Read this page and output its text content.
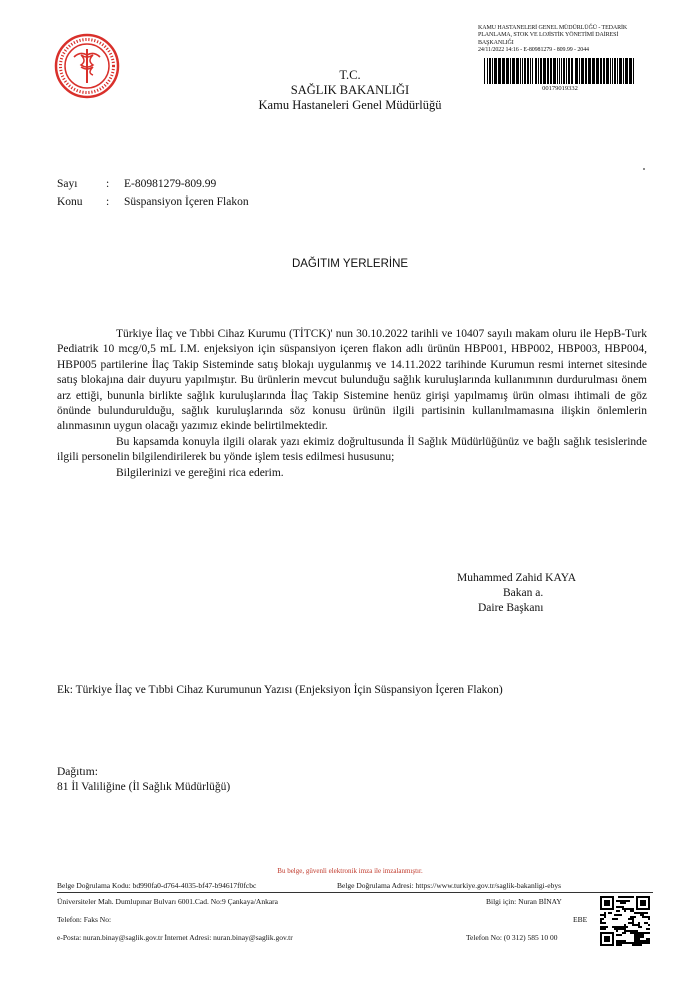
T.C.
SAĞLIK BAKANLIĞI
Kamu Hastaneleri Genel Müdürlüğü
KAMU HASTANELERİ GENEL MÜDÜRLÜĞÜ - TEDARİK
PLANLAMA, STOK VE LOJİSTİK YÖNETİMİ DAİRESİ
BAŞKANLIĞI
24/11/2022 14:16 - E-80981279 - 809.99 - 2044
00179019332
Sayı : E-80981279-809.99
Konu : Süspansiyon İçeren Flakon
DAĞITIM YERLERİNE

Türkiye İlaç ve Tıbbi Cihaz Kurumu (TİTCK)' nun 30.10.2022 tarihli ve 10407 sayılı makam oluru ile HepB-Turk Pediatrik 10 mcg/0,5 mL I.M. enjeksiyon için süspansiyon içeren flakon adlı ürünün HBP001, HBP002, HBP003, HBP004, HBP005 partilerine İlaç Takip Sisteminde satış blokajı uygulanmış ve 14.11.2022 tarihinde Kurumun resmi internet sitesinde satış blokajına dair duyuru yapılmıştır. Bu ürünlerin mevcut bulunduğu sağlık kuruluşlarında kullanımının durdurulması önem arz ettiği, bununla birlikte sağlık kuruluşlarında İlaç Takip Sistemine henüz girişi yapılmamış ürün olması ihtimali de göz önünde bulundurulduğu, sağlık kuruluşlarında söz konusu ürünün ilgili partisinin kullanılmamasına ilişkin önlemlerin alınmasının uygun olacağı yazımız ekinde belirtilmektedir.

Bu kapsamda konuyla ilgili olarak yazı ekimiz doğrultusunda İl Sağlık Müdürlüğünüz ve bağlı sağlık tesislerinde ilgili personelin bilgilendirilerek bu yönde işlem tesis edilmesi hususunu;

Bilgilerinizi ve gereğini rica ederim.

Muhammed Zahid KAYA
Bakan a.
Daire Başkanı
Ek: Türkiye İlaç ve Tıbbi Cihaz Kurumunun Yazısı (Enjeksiyon İçin Süspansiyon İçeren Flakon)
Dağıtım:
81 İl Valiliğine (İl Sağlık Müdürlüğü)
Bu belge, güvenli elektronik imza ile imzalanmıştır.
Belge Doğrulama Kodu: bd990fa0-d764-4035-bf47-b94617f0fcbc	Belge Doğrulama Adresi: https://www.turkiye.gov.tr/saglik-bakanligi-ebys
Üniversiteler Mah. Dumlupınar Bulvarı 6001.Cad. No:9 Çankaya/Ankara	Bilgi için: Nuran BİNAY
Telefon: Faks No:	EBE
e-Posta: nuran.binay@saglik.gov.tr İnternet Adresi: nuran.binay@saglik.gov.tr	Telefon No: (0 312) 585 10 00
